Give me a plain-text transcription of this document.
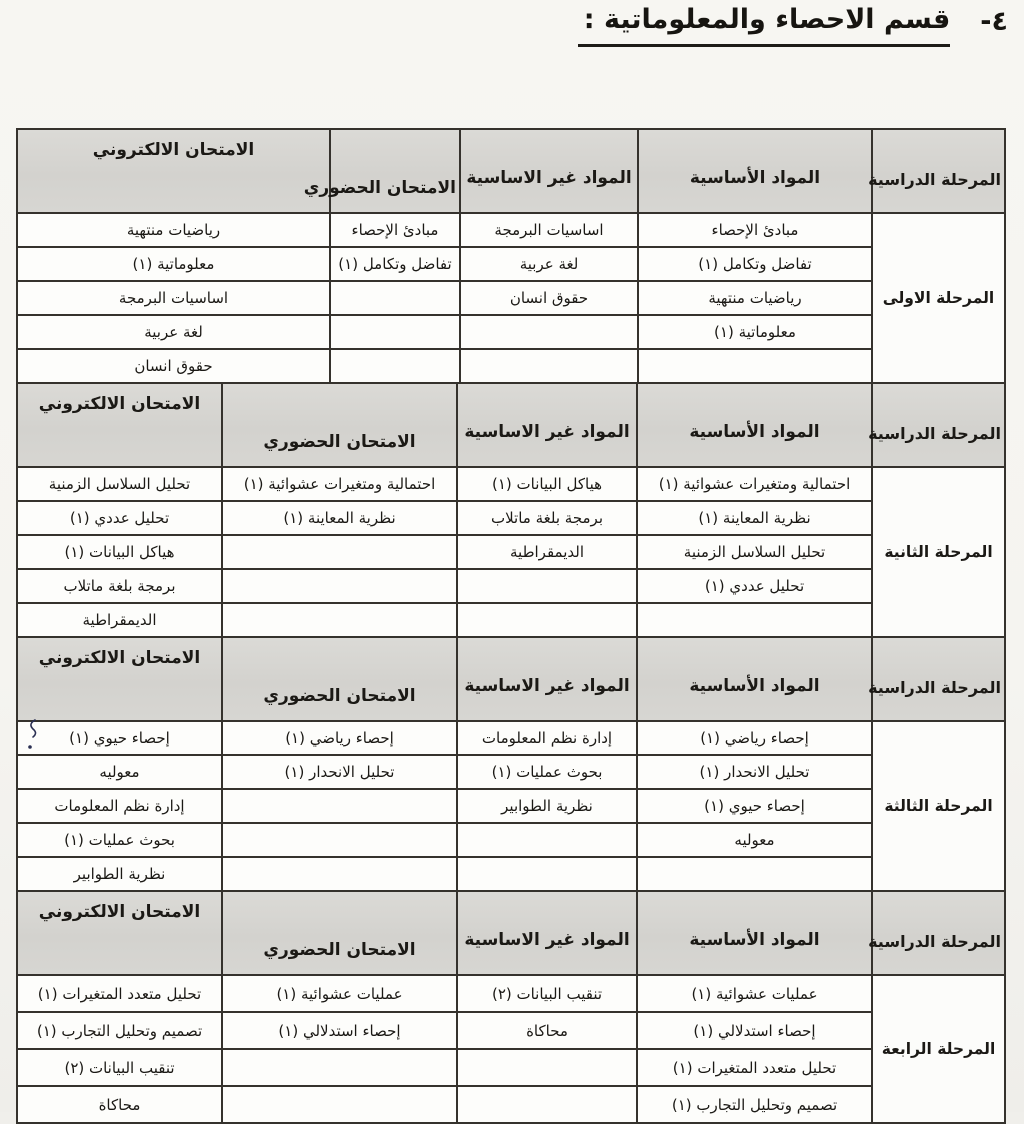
٤-
قسم الاحصاء والمعلوماتية :
المرحلة الدراسية	المواد الأساسية	المواد غير الاساسية	الامتحان الحضوري	الامتحان الالكتروني
المرحلة الاولى	مبادئ الإحصاء	اساسيات البرمجة	مبادئ الإحصاء	رياضيات منتهية
	تفاضل وتكامل (١)	لغة عربية	تفاضل وتكامل (١)	معلوماتية (١)
	رياضيات منتهية	حقوق انسان		اساسيات البرمجة
	معلوماتية (١)			لغة عربية
				حقوق انسان
المرحلة الدراسية	المواد الأساسية	المواد غير الاساسية	الامتحان الحضوري	الامتحان الالكتروني
المرحلة الثانية	احتمالية ومتغيرات عشوائية (١)	هياكل البيانات (١)	احتمالية ومتغيرات عشوائية (١)	تحليل السلاسل الزمنية
	نظرية المعاينة (١)	برمجة بلغة ماتلاب	نظرية المعاينة (١)	تحليل عددي (١)
	تحليل السلاسل الزمنية	الديمقراطية		هياكل البيانات (١)
	تحليل عددي (١)			برمجة بلغة ماتلاب
				الديمقراطية
المرحلة الدراسية	المواد الأساسية	المواد غير الاساسية	الامتحان الحضوري	الامتحان الالكتروني
المرحلة الثالثة	إحصاء رياضي (١)	إدارة نظم المعلومات	إحصاء رياضي (١)	إحصاء حيوي (١)
	تحليل الانحدار (١)	بحوث عمليات (١)	تحليل الانحدار (١)	معوليه
	إحصاء حيوي (١)	نظرية الطوابير		إدارة نظم المعلومات
	معوليه			بحوث عمليات (١)
				نظرية الطوابير
المرحلة الدراسية	المواد الأساسية	المواد غير الاساسية	الامتحان الحضوري	الامتحان الالكتروني
المرحلة الرابعة	عمليات عشوائية (١)	تنقيب البيانات (٢)	عمليات عشوائية (١)	تحليل متعدد المتغيرات (١)
	إحصاء استدلالي (١)	محاكاة	إحصاء استدلالي (١)	تصميم وتحليل التجارب (١)
	تحليل متعدد المتغيرات (١)			تنقيب البيانات (٢)
	تصميم وتحليل التجارب (١)			محاكاة
